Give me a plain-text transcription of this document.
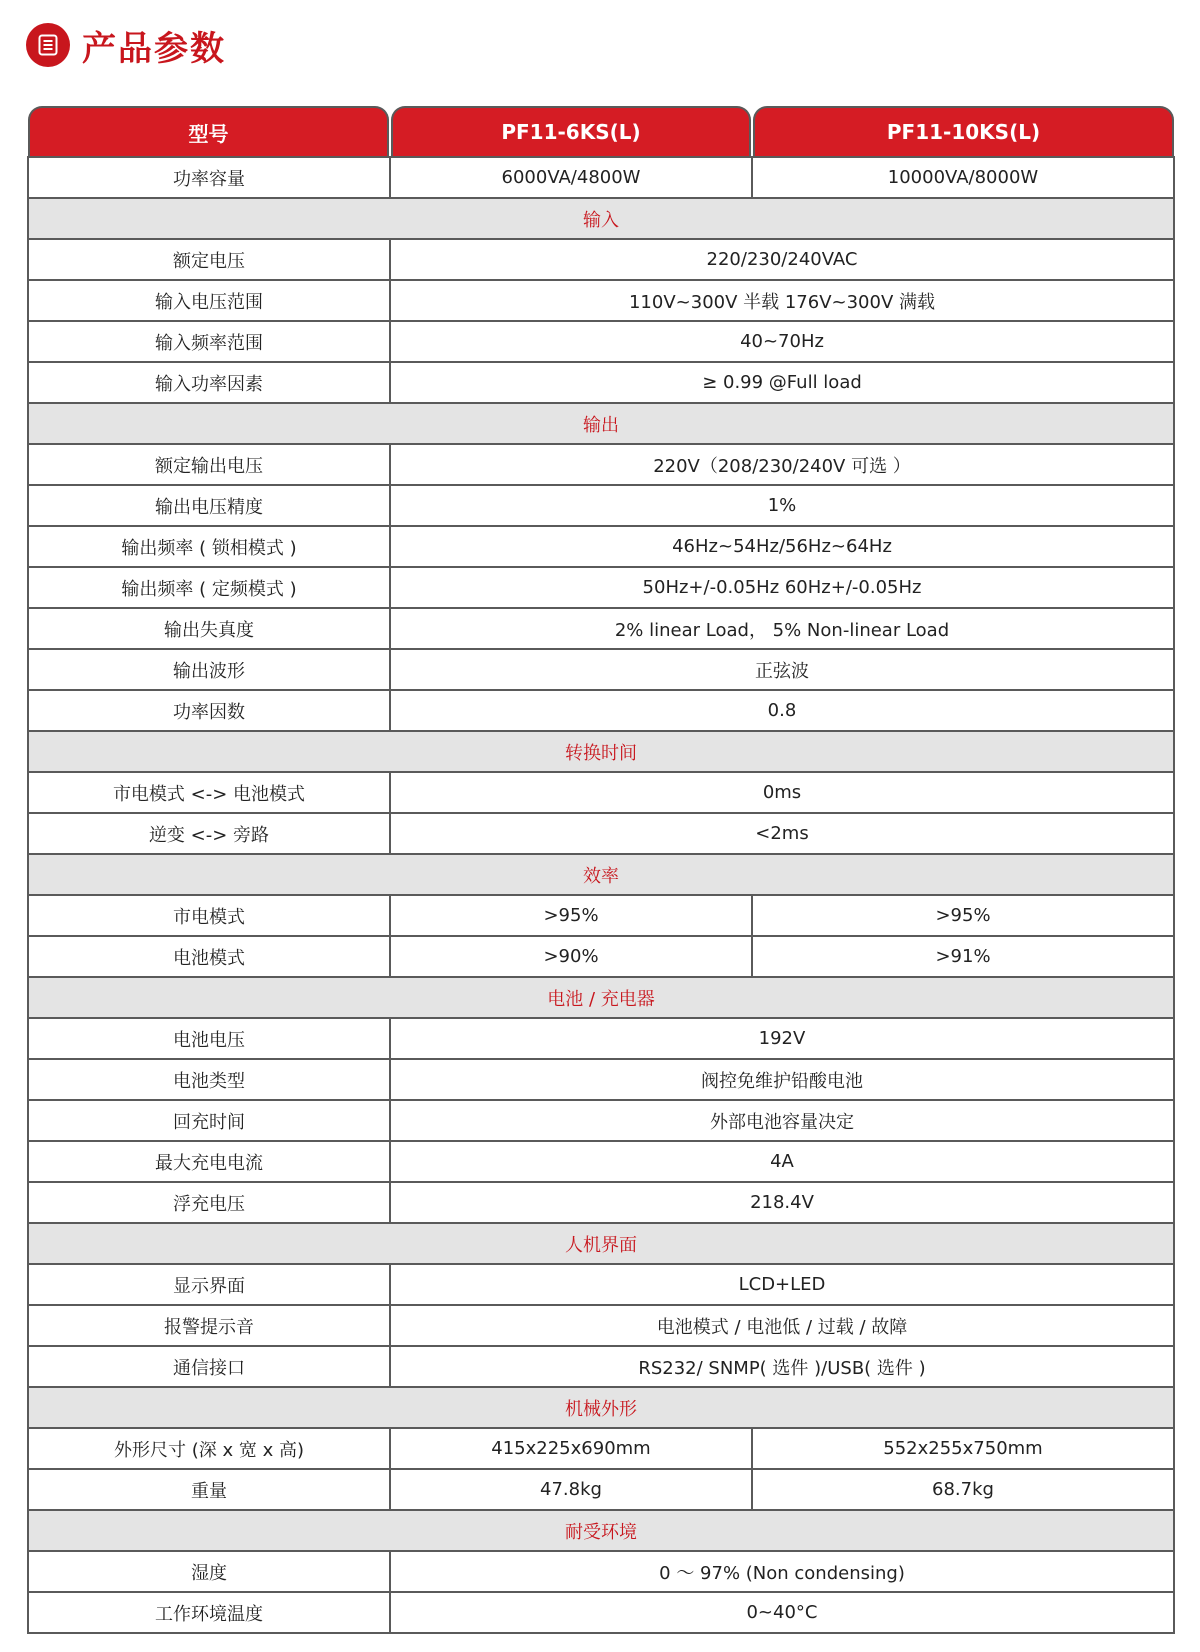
产品参数
型号	PF11-6KS(L)	PF11-10KS(L)

功率容量	6000VA/4800W	10000VA/8000W
输入		
额定电压	220/230/240VAC	
输入电压范围	110V~300V 半载 176V~300V 满载	
输入频率范围	40~70Hz	
输入功率因素	≥ 0.99 @Full load	
输出		
额定输出电压	220V（208/230/240V 可选 ）	
输出电压精度	1%	
输出频率 ( 锁相模式 )	46Hz~54Hz/56Hz~64Hz	
输出频率 ( 定频模式 )	50Hz+/-0.05Hz 60Hz+/-0.05Hz	
输出失真度	2% linear Load， 5% Non-linear Load	
输出波形	正弦波	
功率因数	0.8	
转换时间		
市电模式 <-> 电池模式	0ms	
逆变 <-> 旁路	<2ms	
效率		
市电模式	>95%	>95%
电池模式	>90%	>91%
电池 / 充电器		
电池电压	192V	
电池类型	阀控免维护铅酸电池	
回充时间	外部电池容量决定	
最大充电电流	4A	
浮充电压	218.4V	
人机界面		
显示界面	LCD+LED	
报警提示音	电池模式 / 电池低 / 过载 / 故障	
通信接口	RS232/ SNMP( 选件 )/USB( 选件 )	
机械外形		
外形尺寸 (深 x 宽 x 高)	415x225x690mm	552x255x750mm
重量	47.8kg	68.7kg
耐受环境		
湿度	0 ～ 97% (Non condensing)	
工作环境温度	0~40°C	
